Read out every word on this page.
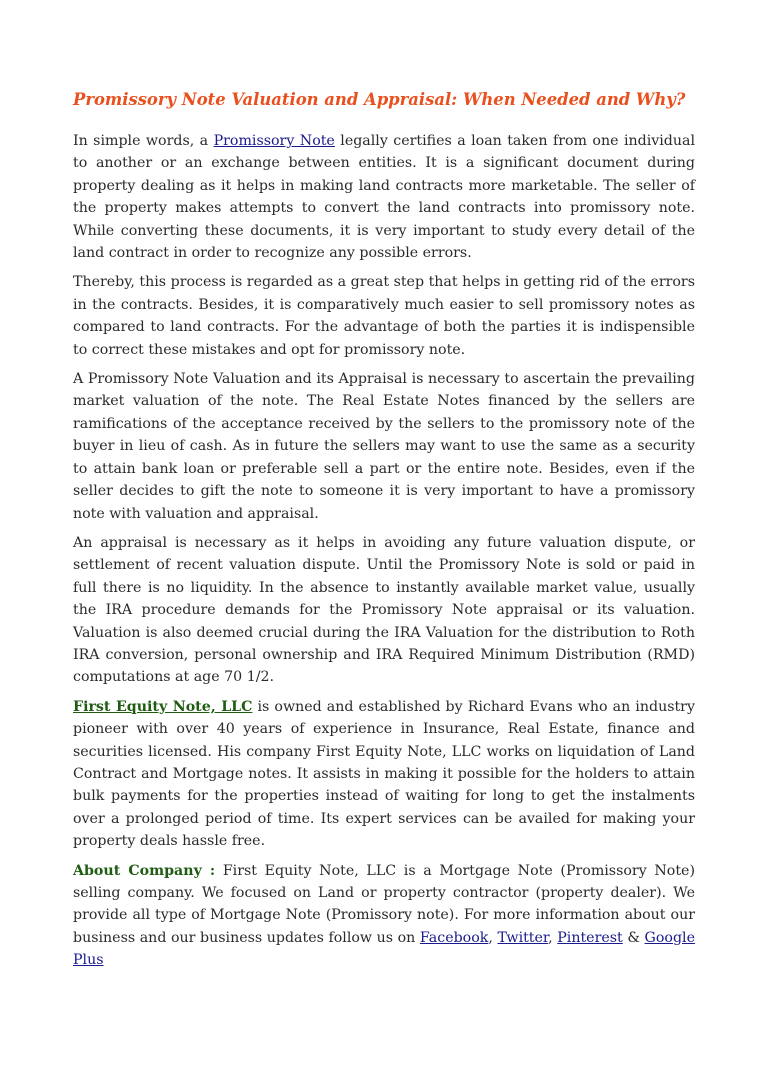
Promissory Note Valuation and Appraisal: When Needed and Why?

In simple words, a Promissory Note legally certifies a loan taken from one individual to another or an exchange between entities. It is a significant document during property dealing as it helps in making land contracts more marketable. The seller of the property makes attempts to convert the land contracts into promissory note. While converting these documents, it is very important to study every detail of the land contract in order to recognize any possible errors.

Thereby, this process is regarded as a great step that helps in getting rid of the errors in the contracts. Besides, it is comparatively much easier to sell promissory notes as compared to land contracts. For the advantage of both the parties it is indispensible to correct these mistakes and opt for promissory note.

A Promissory Note Valuation and its Appraisal is necessary to ascertain the prevailing market valuation of the note. The Real Estate Notes financed by the sellers are ramifications of the acceptance received by the sellers to the promissory note of the buyer in lieu of cash. As in future the sellers may want to use the same as a security to attain bank loan or preferable sell a part or the entire note. Besides, even if the seller decides to gift the note to someone it is very important to have a promissory note with valuation and appraisal.

An appraisal is necessary as it helps in avoiding any future valuation dispute, or settlement of recent valuation dispute. Until the Promissory Note is sold or paid in full there is no liquidity. In the absence to instantly available market value, usually the IRA procedure demands for the Promissory Note appraisal or its valuation. Valuation is also deemed crucial during the IRA Valuation for the distribution to Roth IRA conversion, personal ownership and IRA Required Minimum Distribution (RMD) computations at age 70 1/2.

First Equity Note, LLC is owned and established by Richard Evans who an industry pioneer with over 40 years of experience in Insurance, Real Estate, finance and securities licensed. His company First Equity Note, LLC works on liquidation of Land Contract and Mortgage notes. It assists in making it possible for the holders to attain bulk payments for the properties instead of waiting for long to get the instalments over a prolonged period of time. Its expert services can be availed for making your property deals hassle free.

About Company : First Equity Note, LLC is a Mortgage Note (Promissory Note) selling company. We focused on Land or property contractor (property dealer). We provide all type of Mortgage Note (Promissory note). For more information about our business and our business updates follow us on Facebook, Twitter, Pinterest & Google Plus
